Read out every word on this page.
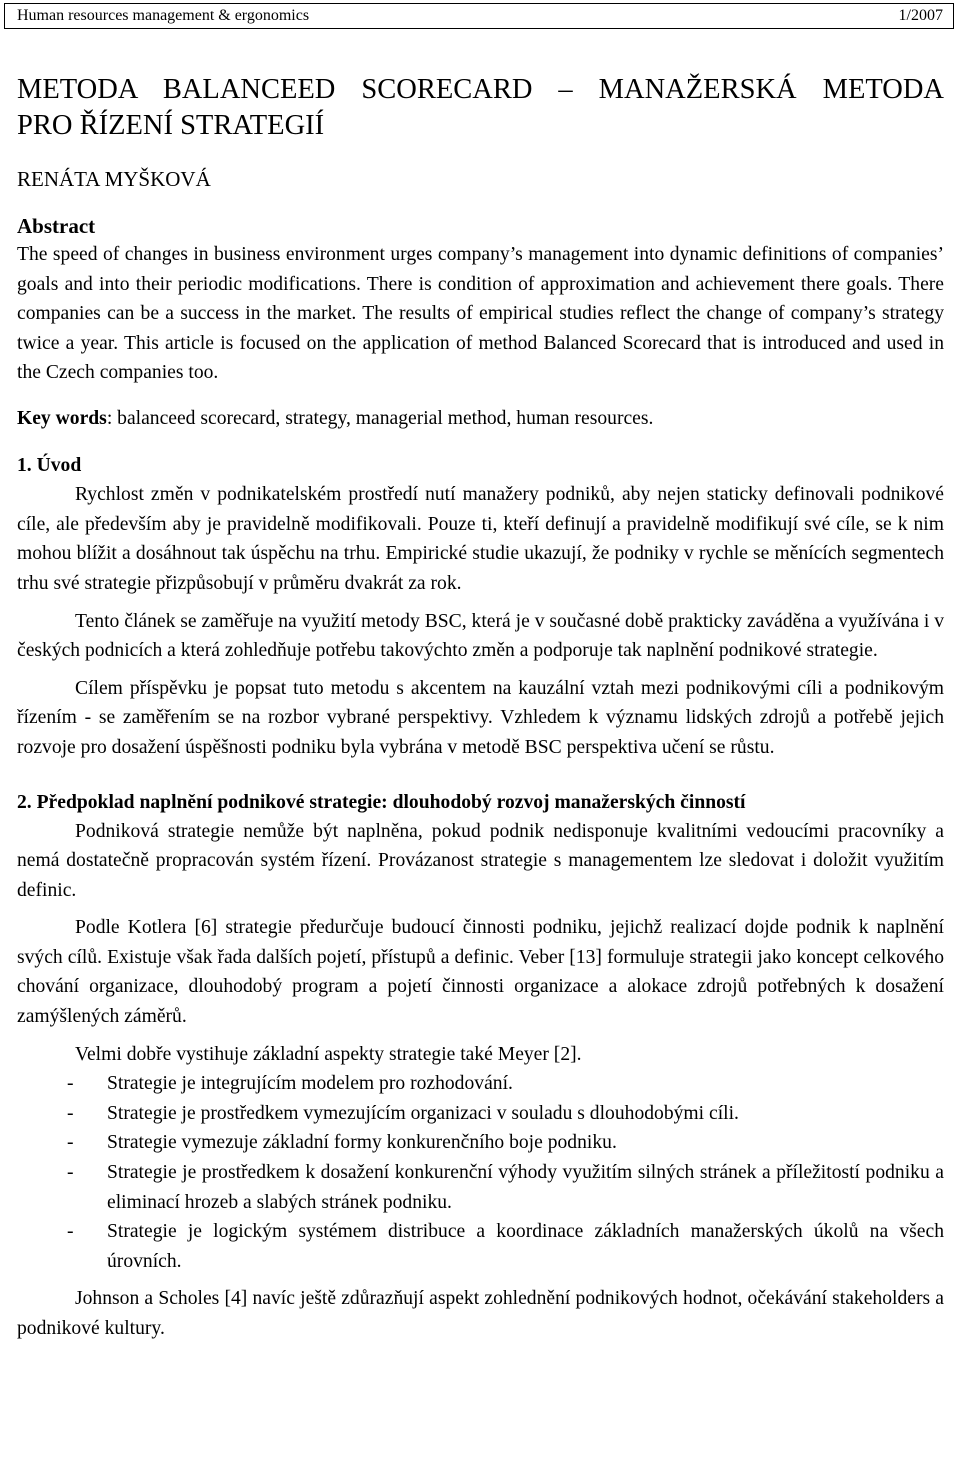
Human resources management & ergonomics	1/2007

METODA BALANCEED SCORECARD – MANAŽERSKÁ METODA

PRO ŘÍZENÍ STRATEGIÍ

RENÁTA MYŠKOVÁ

Abstract

The speed of changes in business environment urges company’s management into dynamic definitions of companies’ goals and into their periodic modifications. There is condition of approximation and achievement there goals. There companies can be a success in the market. The results of empirical studies reflect the change of company’s strategy twice a year. This article is focused on the application of method Balanced Scorecard that is introduced and used in the Czech companies too.

Key words: balanceed scorecard, strategy, managerial method, human resources.

1. Úvod

Rychlost změn v podnikatelském prostředí nutí manažery podniků, aby nejen staticky definovali podnikové cíle, ale především aby je pravidelně modifikovali. Pouze ti, kteří definují a pravidelně modifikují své cíle, se k nim mohou blížit a dosáhnout tak úspěchu na trhu. Empirické studie ukazují, že podniky v rychle se měnících segmentech trhu své strategie přizpůsobují v průměru dvakrát za rok.

Tento článek se zaměřuje na využití metody BSC, která je v současné době prakticky zaváděna a využívána i v českých podnicích a která zohledňuje potřebu takovýchto změn a podporuje tak naplnění podnikové strategie.

Cílem příspěvku je popsat tuto metodu s akcentem na kauzální vztah mezi podnikovými cíli a podnikovým řízením - se zaměřením se na rozbor vybrané perspektivy. Vzhledem k významu lidských zdrojů a potřebě jejich rozvoje pro dosažení úspěšnosti podniku byla vybrána v metodě BSC perspektiva učení se růstu.

2. Předpoklad naplnění podnikové strategie: dlouhodobý rozvoj manažerských činností

Podniková strategie nemůže být naplněna, pokud podnik nedisponuje kvalitními vedoucími pracovníky a nemá dostatečně propracován systém řízení. Provázanost strategie s managementem lze sledovat i doložit využitím definic.

Podle Kotlera [6] strategie předurčuje budoucí činnosti podniku, jejichž realizací dojde podnik k naplnění svých cílů. Existuje však řada dalších pojetí, přístupů a definic. Veber [13] formuluje strategii jako koncept celkového chování organizace, dlouhodobý program a pojetí činnosti organizace a alokace zdrojů potřebných k dosažení zamýšlených záměrů.

Velmi dobře vystihuje základní aspekty strategie také Meyer [2].

- Strategie je integrujícím modelem pro rozhodování.
- Strategie je prostředkem vymezujícím organizaci v souladu s dlouhodobými cíli.
- Strategie vymezuje základní formy konkurenčního boje podniku.
- Strategie je prostředkem k dosažení konkurenční výhody využitím silných stránek a příležitostí podniku a eliminací hrozeb a slabých stránek podniku.
- Strategie je logickým systémem distribuce a koordinace základních manažerských úkolů na všech úrovních.

Johnson a Scholes [4] navíc ještě zdůrazňují aspekt zohlednění podnikových hodnot, očekávání stakeholders a podnikové kultury.
